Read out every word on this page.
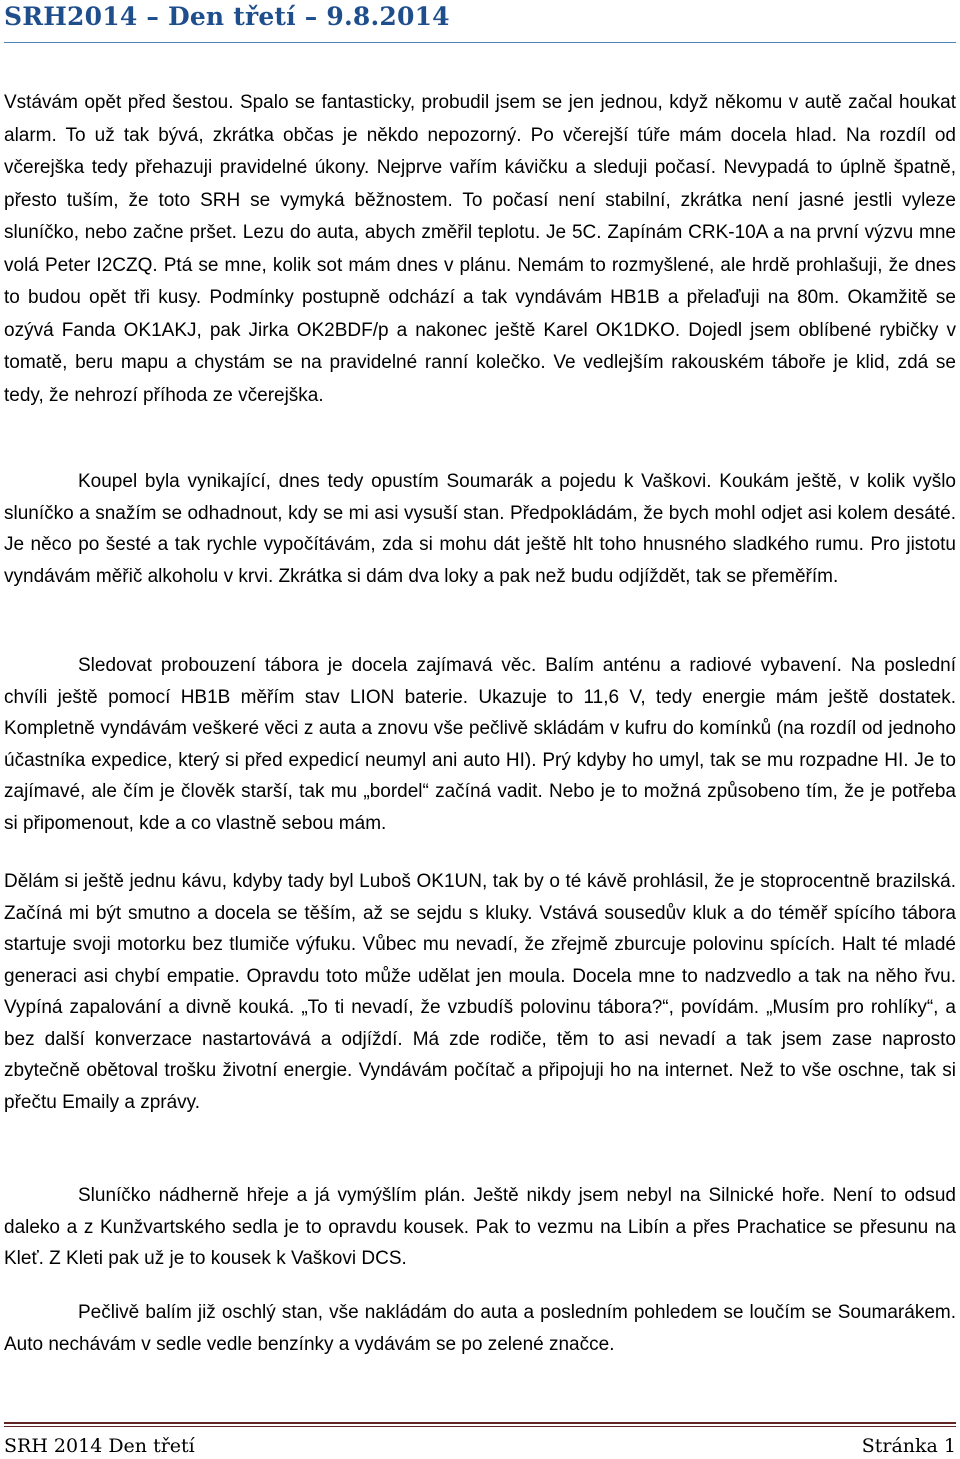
SRH2014 – Den třetí – 9.8.2014

Vstávám opět před šestou. Spalo se fantasticky, probudil jsem se jen jednou, když někomu v autě začal houkat alarm. To už tak bývá, zkrátka občas je někdo nepozorný. Po včerejší túře mám docela hlad. Na rozdíl od včerejška tedy přehazuji pravidelné úkony. Nejprve vařím kávičku a sleduji počasí. Nevypadá to úplně špatně, přesto tuším, že toto SRH se vymyká běžnostem. To počasí není stabilní, zkrátka není jasné jestli vyleze sluníčko, nebo začne pršet. Lezu do auta, abych změřil teplotu. Je 5C. Zapínám CRK-10A a na první výzvu mne volá Peter I2CZQ. Ptá se mne, kolik sot mám dnes v plánu. Nemám to rozmyšlené, ale hrdě prohlašuji, že dnes to budou opět tři kusy. Podmínky postupně odchází a tak vyndávám HB1B a přelaďuji na 80m. Okamžitě se ozývá Fanda OK1AKJ, pak Jirka OK2BDF/p a nakonec ještě Karel OK1DKO. Dojedl jsem oblíbené rybičky v tomatě, beru mapu a chystám se na pravidelné ranní kolečko. Ve vedlejším rakouském táboře je klid, zdá se tedy, že nehrozí příhoda ze včerejška.

Koupel byla vynikající, dnes tedy opustím Soumarák a pojedu k Vaškovi. Koukám ještě, v kolik vyšlo sluníčko a snažím se odhadnout, kdy se mi asi vysuší stan. Předpokládám, že bych mohl odjet asi kolem desáté. Je něco po šesté a tak rychle vypočítávám, zda si mohu dát ještě hlt toho hnusného sladkého rumu. Pro jistotu vyndávám měřič alkoholu v krvi. Zkrátka si dám dva loky a pak než budu odjíždět, tak se přeměřím.

Sledovat probouzení tábora je docela zajímavá věc. Balím anténu a radiové vybavení. Na poslední chvíli ještě pomocí HB1B měřím stav LION baterie. Ukazuje to 11,6 V, tedy energie mám ještě dostatek. Kompletně vyndávám veškeré věci z auta a znovu vše pečlivě skládám v kufru do komínků (na rozdíl od jednoho účastníka expedice, který si před expedicí neumyl ani auto HI). Prý kdyby ho umyl, tak se mu rozpadne HI. Je to zajímavé, ale čím je člověk starší, tak mu „bordel“ začíná vadit. Nebo je to možná způsobeno tím, že je potřeba si připomenout, kde a co vlastně sebou mám.

Dělám si ještě jednu kávu, kdyby tady byl Luboš OK1UN, tak by o té kávě prohlásil, že je stoprocentně brazilská. Začíná mi být smutno a docela se těším, až se sejdu s kluky. Vstává sousedův kluk a do téměř spícího tábora startuje svoji motorku bez tlumiče výfuku. Vůbec mu nevadí, že zřejmě zburcuje polovinu spících. Halt té mladé generaci asi chybí empatie. Opravdu toto může udělat jen moula. Docela mne to nadzvedlo a tak na něho řvu. Vypíná zapalování a divně kouká. „To ti nevadí, že vzbudíš polovinu tábora?“, povídám. „Musím pro rohlíky“, a bez další konverzace nastartovává a odjíždí. Má zde rodiče, těm to asi nevadí a tak jsem zase naprosto zbytečně obětoval trošku životní energie. Vyndávám počítač a připojuji ho na internet. Než to vše oschne, tak si přečtu Emaily a zprávy.

Sluníčko nádherně hřeje a já vymýšlím plán. Ještě nikdy jsem nebyl na Silnické hoře. Není to odsud daleko a z Kunžvartského sedla je to opravdu kousek. Pak to vezmu na Libín a přes Prachatice se přesunu na Kleť. Z Kleti pak už je to kousek k Vaškovi DCS.

Pečlivě balím již oschlý stan, vše nakládám do auta a posledním pohledem se loučím se Soumarákem. Auto nechávám v sedle vedle benzínky a vydávám se po zelené značce.

SRH 2014 Den třetí	Stránka 1
